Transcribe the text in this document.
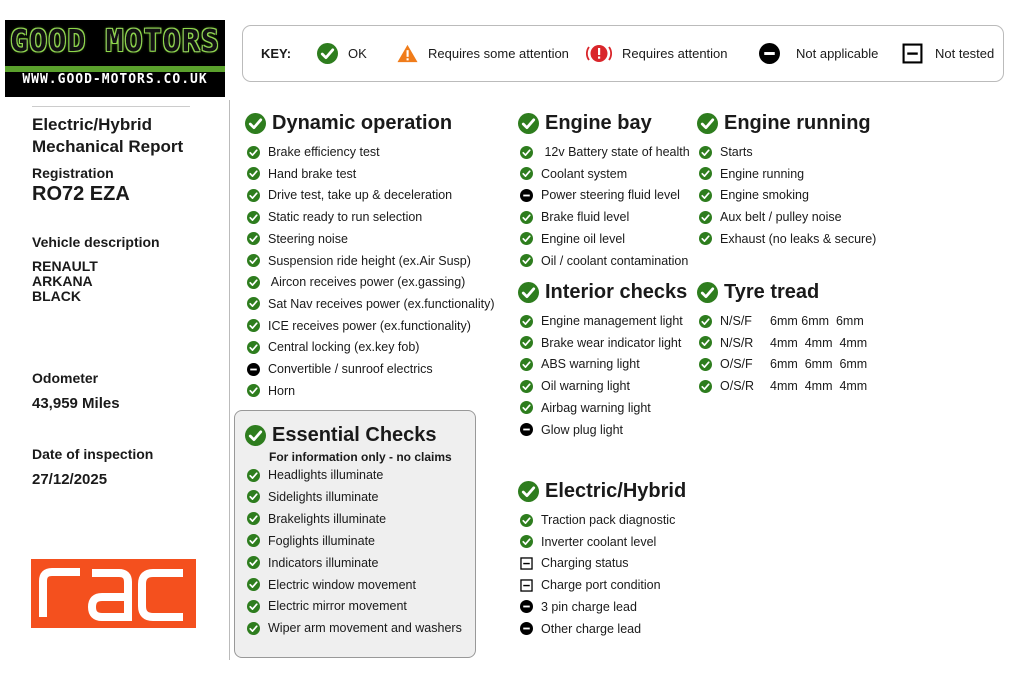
GOOD MOTORS
WWW.GOOD-MOTORS.CO.UK
KEY:	OK	Requires some attention	Requires attention	Not applicable	Not tested
Electric/Hybrid
Mechanical Report
Registration
RO72 EZA
Vehicle description
RENAULT
ARKANA
BLACK
Odometer
43,959 Miles
Date of inspection
27/12/2025
Dynamic operation
Brake efficiency test
Hand brake test
Drive test, take up & deceleration
Static ready to run selection
Steering noise
Suspension ride height (ex.Air Susp)
Aircon receives power (ex.gassing)
Sat Nav receives power (ex.functionality)
ICE receives power (ex.functionality)
Central locking (ex.key fob)
Convertible / sunroof electrics
Horn
Essential Checks
For information only - no claims
Headlights illuminate
Sidelights illuminate
Brakelights illuminate
Foglights illuminate
Indicators illuminate
Electric window movement
Electric mirror movement
Wiper arm movement and washers
Engine bay
12v Battery state of health
Coolant system
Power steering fluid level
Brake fluid level
Engine oil level
Oil / coolant contamination
Interior checks
Engine management light
Brake wear indicator light
ABS warning light
Oil warning light
Airbag warning light
Glow plug light
Electric/Hybrid
Traction pack diagnostic
Inverter coolant level
Charging status
Charge port condition
3 pin charge lead
Other charge lead
Engine running
Starts
Engine running
Engine smoking
Aux belt / pulley noise
Exhaust (no leaks & secure)
Tyre tread
N/S/F	6mm 6mm  6mm
N/S/R	4mm  4mm  4mm
O/S/F	6mm  6mm  6mm
O/S/R	4mm  4mm  4mm
